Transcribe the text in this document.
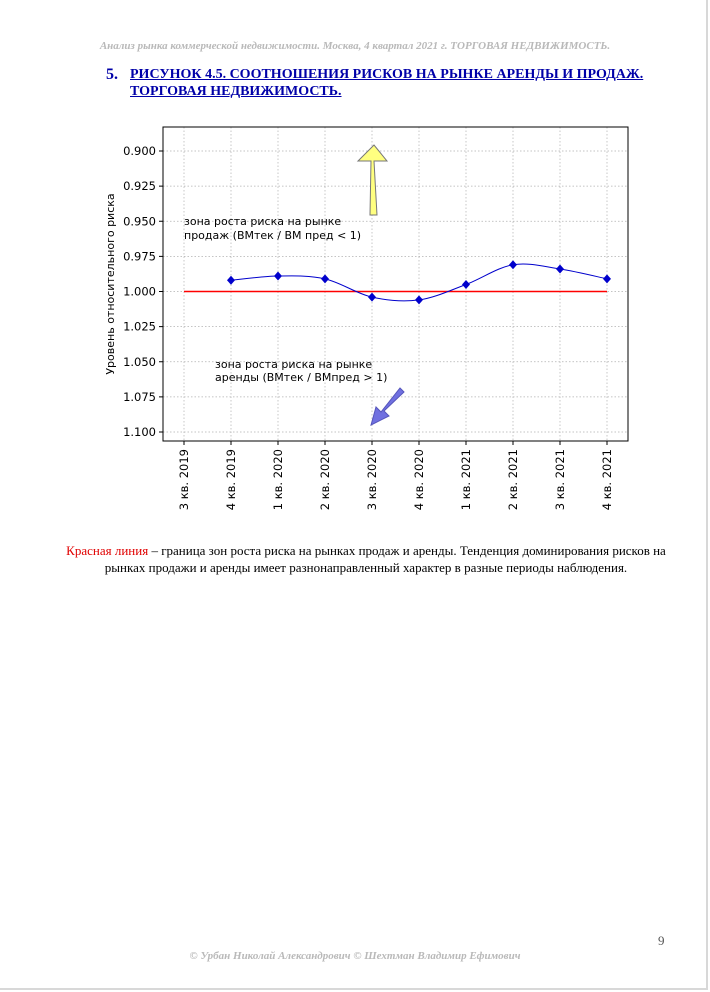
Анализ рынка коммерческой недвижимости. Москва, 4 квартал 2021 г. ТОРГОВАЯ НЕДВИЖИМОСТЬ.
5. РИСУНОК 4.5. СООТНОШЕНИЯ РИСКОВ НА РЫНКЕ АРЕНДЫ И ПРОДАЖ. ТОРГОВАЯ НЕДВИЖИМОСТЬ.
0.900
0.925
0.950
0.975
1.000
1.025
1.050
1.075
1.100
3 кв. 2019	4 кв. 2019	1 кв. 2020	2 кв. 2020	3 кв. 2020	4 кв. 2020	1 кв. 2021	2 кв. 2021	3 кв. 2021	4 кв. 2021
Уровень относительного риска	зона роста риска на рынке
продаж (ВМтек / ВМ пред < 1)
зона роста риска на рынке
аренды (ВМтек / ВМпред > 1)
Красная линия – граница зон роста риска на рынках продаж и аренды. Тенденция доминирования рисков на рынках продажи и аренды имеет разнонаправленный характер в разные периоды наблюдения.
9
© Урбан Николай Александрович © Шехтман Владимир Ефимович
